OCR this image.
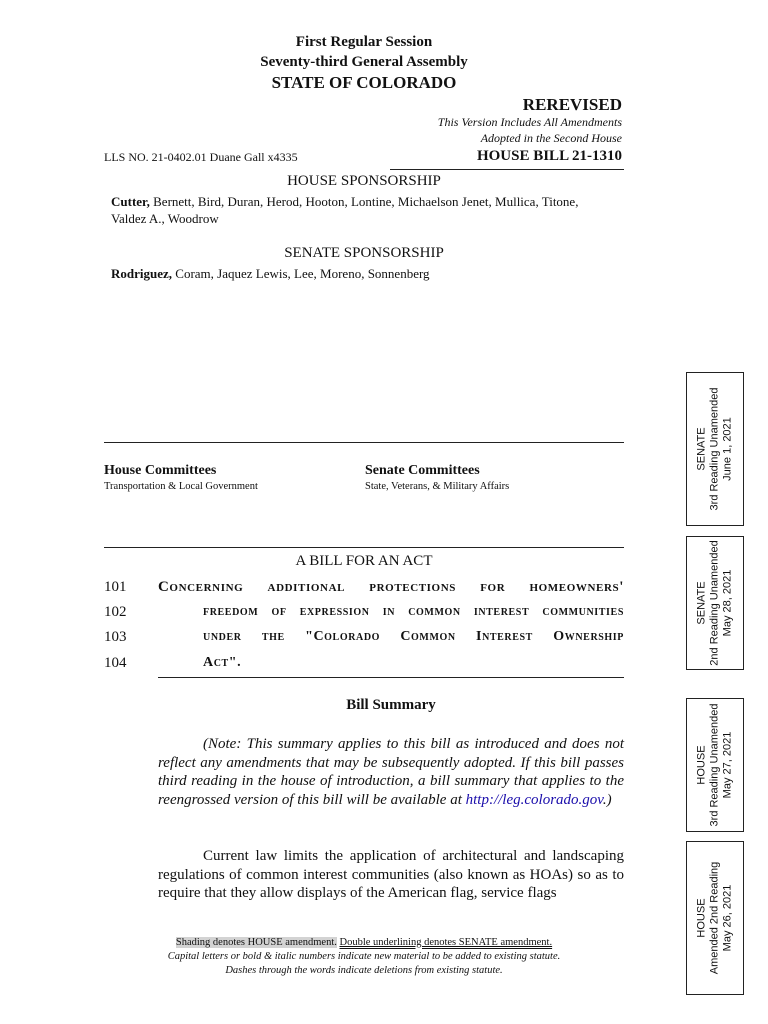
First Regular Session
Seventy-third General Assembly
STATE OF COLORADO
REREVISED
This Version Includes All Amendments
Adopted in the Second House
LLS NO. 21-0402.01 Duane Gall x4335	HOUSE BILL 21-1310
HOUSE SPONSORSHIP
Cutter, Bernett, Bird, Duran, Herod, Hooton, Lontine, Michaelson Jenet, Mullica, Titone,
Valdez A., Woodrow
SENATE SPONSORSHIP
Rodriguez, Coram, Jaquez Lewis, Lee, Moreno, Sonnenberg
House Committees
Transportation & Local Government
Senate Committees
State, Veterans, & Military Affairs
A BILL FOR AN ACT
101 Concerning additional protections for homeowners'
102	freedom of expression in common interest communities
103	under the "Colorado Common Interest Ownership
104	Act".
Bill Summary
(Note: This summary applies to this bill as introduced and does not reflect any amendments that may be subsequently adopted. If this bill passes third reading in the house of introduction, a bill summary that applies to the reengrossed version of this bill will be available at http://leg.colorado.gov.)
Current law limits the application of architectural and landscaping regulations of common interest communities (also known as HOAs) so as to require that they allow displays of the American flag, service flags
Shading denotes HOUSE amendment. Double underlining denotes SENATE amendment.
Capital letters or bold & italic numbers indicate new material to be added to existing statute.
Dashes through the words indicate deletions from existing statute.
SENATE 3rd Reading Unamended June 1, 2021
SENATE 2nd Reading Unamended May 28, 2021
HOUSE 3rd Reading Unamended May 27, 2021
HOUSE Amended 2nd Reading May 26, 2021
